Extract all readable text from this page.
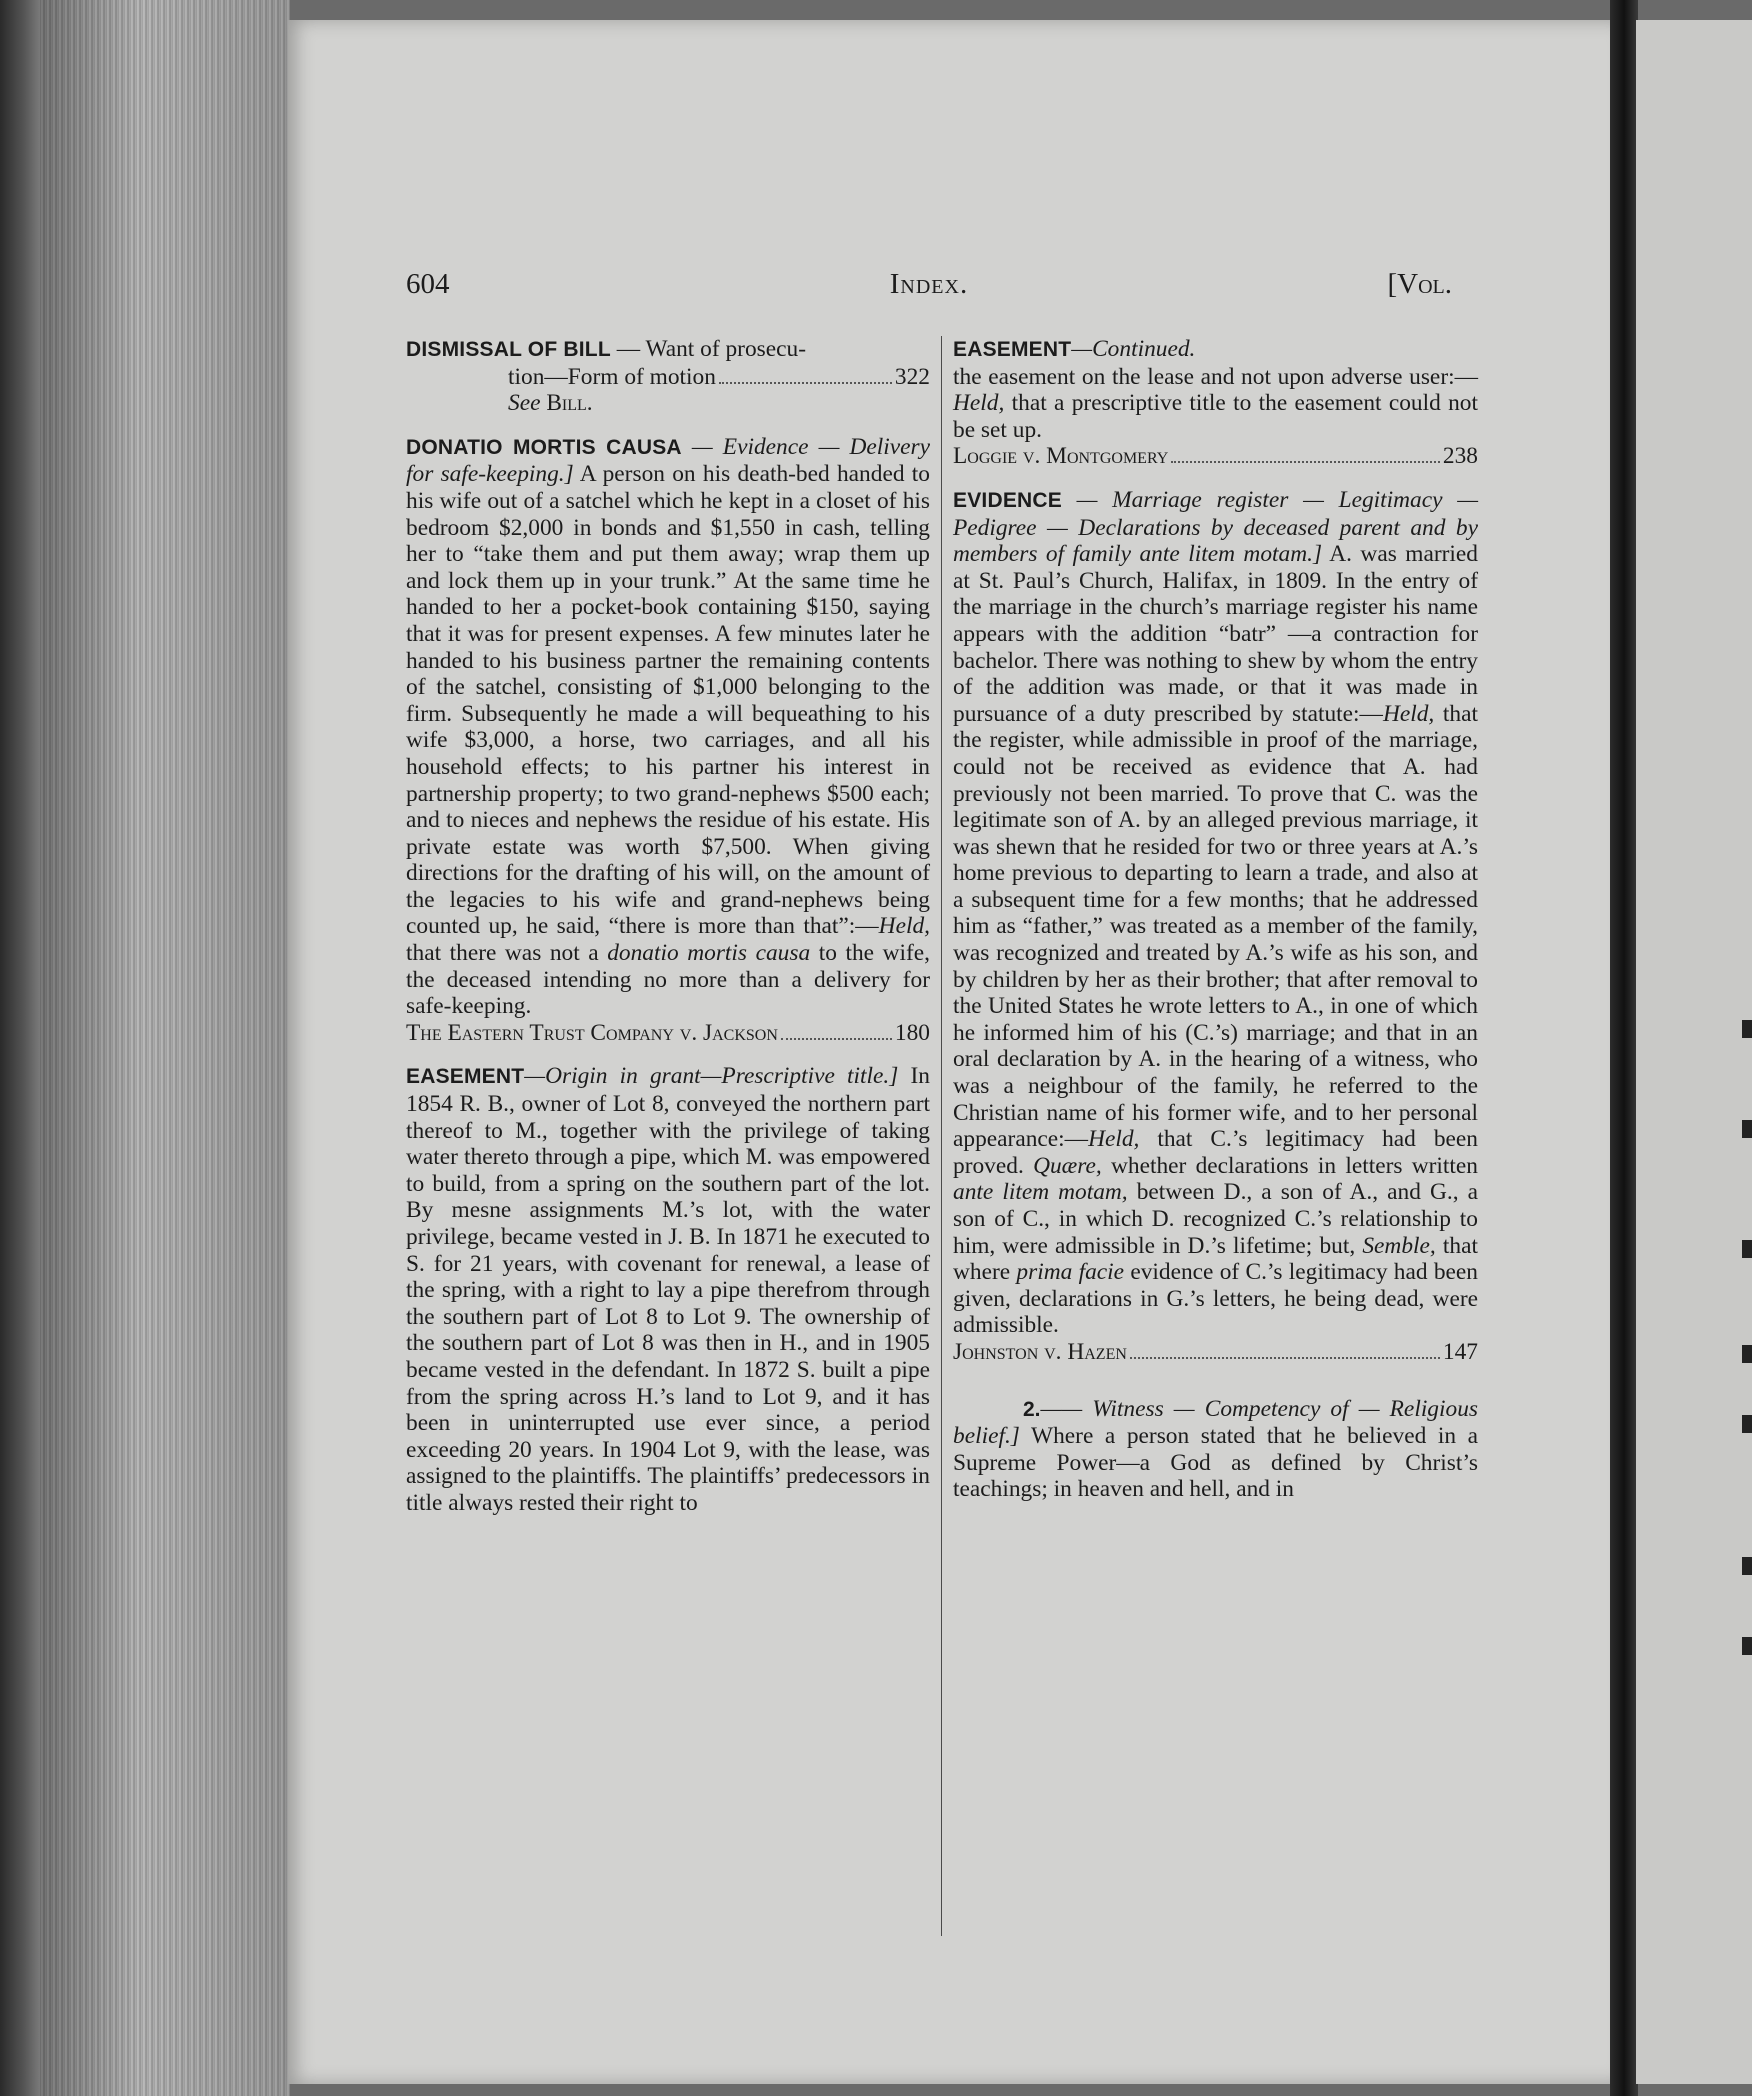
604	Index.	[Vol.

DISMISSAL OF BILL — Want of prosecu-

tion—Form of motion	322

See Bill.

DONATIO MORTIS CAUSA — Evidence — Delivery for safe-keeping.] A person on his death-bed handed to his wife out of a satchel which he kept in a closet of his bedroom $2,000 in bonds and $1,550 in cash, telling her to “take them and put them away; wrap them up and lock them up in your trunk.” At the same time he handed to her a pocket-book containing $150, saying that it was for present expenses. A few minutes later he handed to his business partner the remaining contents of the satchel, consisting of $1,000 belonging to the firm. Subsequently he made a will bequeathing to his wife $3,000, a horse, two carriages, and all his household effects; to his partner his interest in partnership property; to two grand-nephews $500 each; and to nieces and nephews the residue of his estate. His private estate was worth $7,500. When giving directions for the drafting of his will, on the amount of the legacies to his wife and grand-nephews being counted up, he said, “there is more than that”:—Held, that there was not a donatio mortis causa to the wife, the deceased intending no more than a delivery for safe-keeping.

The Eastern Trust Company v. Jackson	180

EASEMENT—Origin in grant—Prescriptive title.] In 1854 R. B., owner of Lot 8, conveyed the northern part thereof to M., together with the privilege of taking water thereto through a pipe, which M. was empowered to build, from a spring on the southern part of the lot. By mesne assignments M.’s lot, with the water privilege, became vested in J. B. In 1871 he executed to S. for 21 years, with covenant for renewal, a lease of the spring, with a right to lay a pipe therefrom through the southern part of Lot 8 to Lot 9. The ownership of the southern part of Lot 8 was then in H., and in 1905 became vested in the defendant. In 1872 S. built a pipe from the spring across H.’s land to Lot 9, and it has been in uninterrupted use ever since, a period exceeding 20 years. In 1904 Lot 9, with the lease, was assigned to the plaintiffs. The plaintiffs’ predecessors in title always rested their right to

EASEMENT—Continued.

the easement on the lease and not upon adverse user:—Held, that a prescriptive title to the easement could not be set up.

Loggie v. Montgomery	238

EVIDENCE — Marriage register — Legitimacy — Pedigree — Declarations by deceased parent and by members of family ante litem motam.] A. was married at St. Paul’s Church, Halifax, in 1809. In the entry of the marriage in the church’s marriage register his name appears with the addition “batr” —a contraction for bachelor. There was nothing to shew by whom the entry of the addition was made, or that it was made in pursuance of a duty prescribed by statute:—Held, that the register, while admissible in proof of the marriage, could not be received as evidence that A. had previously not been married. To prove that C. was the legitimate son of A. by an alleged previous marriage, it was shewn that he resided for two or three years at A.’s home previous to departing to learn a trade, and also at a subsequent time for a few months; that he addressed him as “father,” was treated as a member of the family, was recognized and treated by A.’s wife as his son, and by children by her as their brother; that after removal to the United States he wrote letters to A., in one of which he informed him of his (C.’s) marriage; and that in an oral declaration by A. in the hearing of a witness, who was a neighbour of the family, he referred to the Christian name of his former wife, and to her personal appearance:—Held, that C.’s legitimacy had been proved. Quære, whether declarations in letters written ante litem motam, between D., a son of A., and G., a son of C., in which D. recognized C.’s relationship to him, were admissible in D.’s lifetime; but, Semble, that where prima facie evidence of C.’s legitimacy had been given, declarations in G.’s letters, he being dead, were admissible.

Johnston v. Hazen	147

2.—— Witness — Competency of — Religious belief.] Where a person stated that he believed in a Supreme Power—a God as defined by Christ’s teachings; in heaven and hell, and in
